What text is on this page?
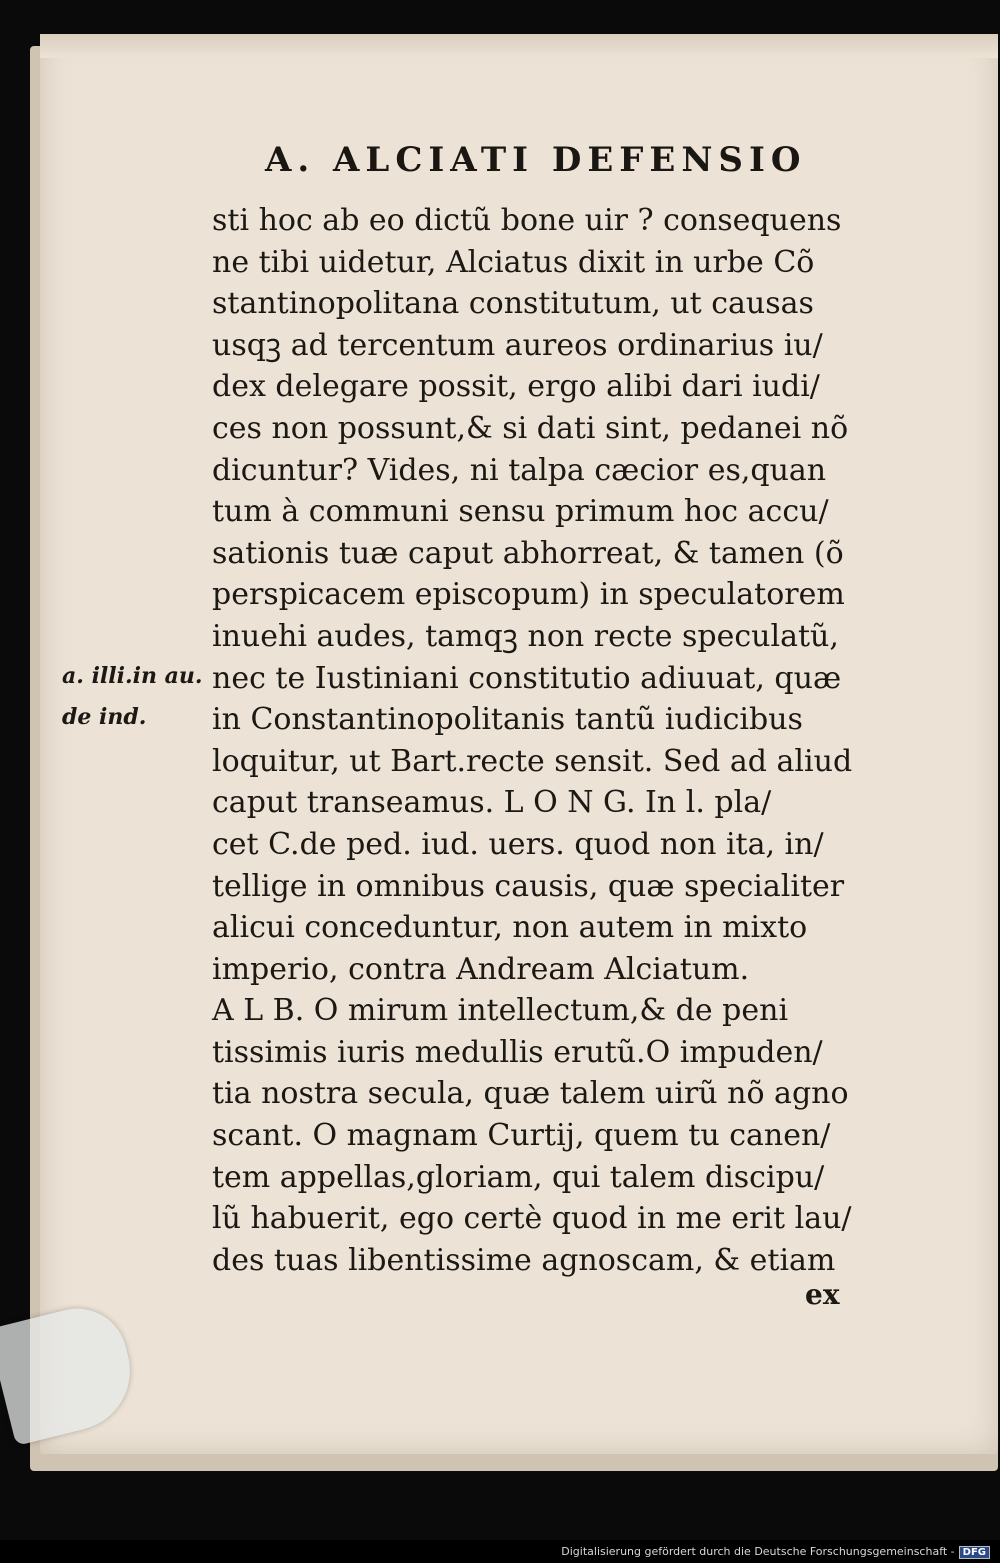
A. ALCIATI DEFENSIO
sti hoc ab eo dictũ bone uir ? consequens
ne tibi uidetur, Alciatus dixit in urbe Cõ
stantinopolitana constitutum, ut causas
usqꝫ ad tercentum aureos ordinarius iu/
dex delegare possit, ergo alibi dari iudi/
ces non possunt,& si dati sint, pedanei nõ
dicuntur? Vides, ni talpa cæcior es,quan
tum à communi sensu primum hoc accu/
sationis tuæ caput abhorreat, & tamen (õ
perspicacem episcopum) in speculatorem
inuehi audes, tamqꝫ non recte speculatũ,
nec te Iustiniani constitutio adiuuat, quæ
in Constantinopolitanis tantũ iudicibus
loquitur, ut Bart.recte sensit. Sed ad aliud
caput transeamus. L O N G. In l. pla/
cet C.de ped. iud. uers. quod non ita, in/
tellige in omnibus causis, quæ specialiter
alicui conceduntur, non autem in mixto
imperio, contra Andream Alciatum.
A L B. O mirum intellectum,& de peni
tissimis iuris medullis erutũ.O impuden/
tia nostra secula, quæ talem uirũ nõ agno
scant. O magnam Curtij, quem tu canen/
tem appellas,gloriam, qui talem discipu/
lũ habuerit, ego certè quod in me erit lau/
des tuas libentissime agnoscam, & etiam
a. illi.in au.
de ind.
ex
Digitalisierung gefördert durch die Deutsche Forschungsgemeinschaft - DFG
